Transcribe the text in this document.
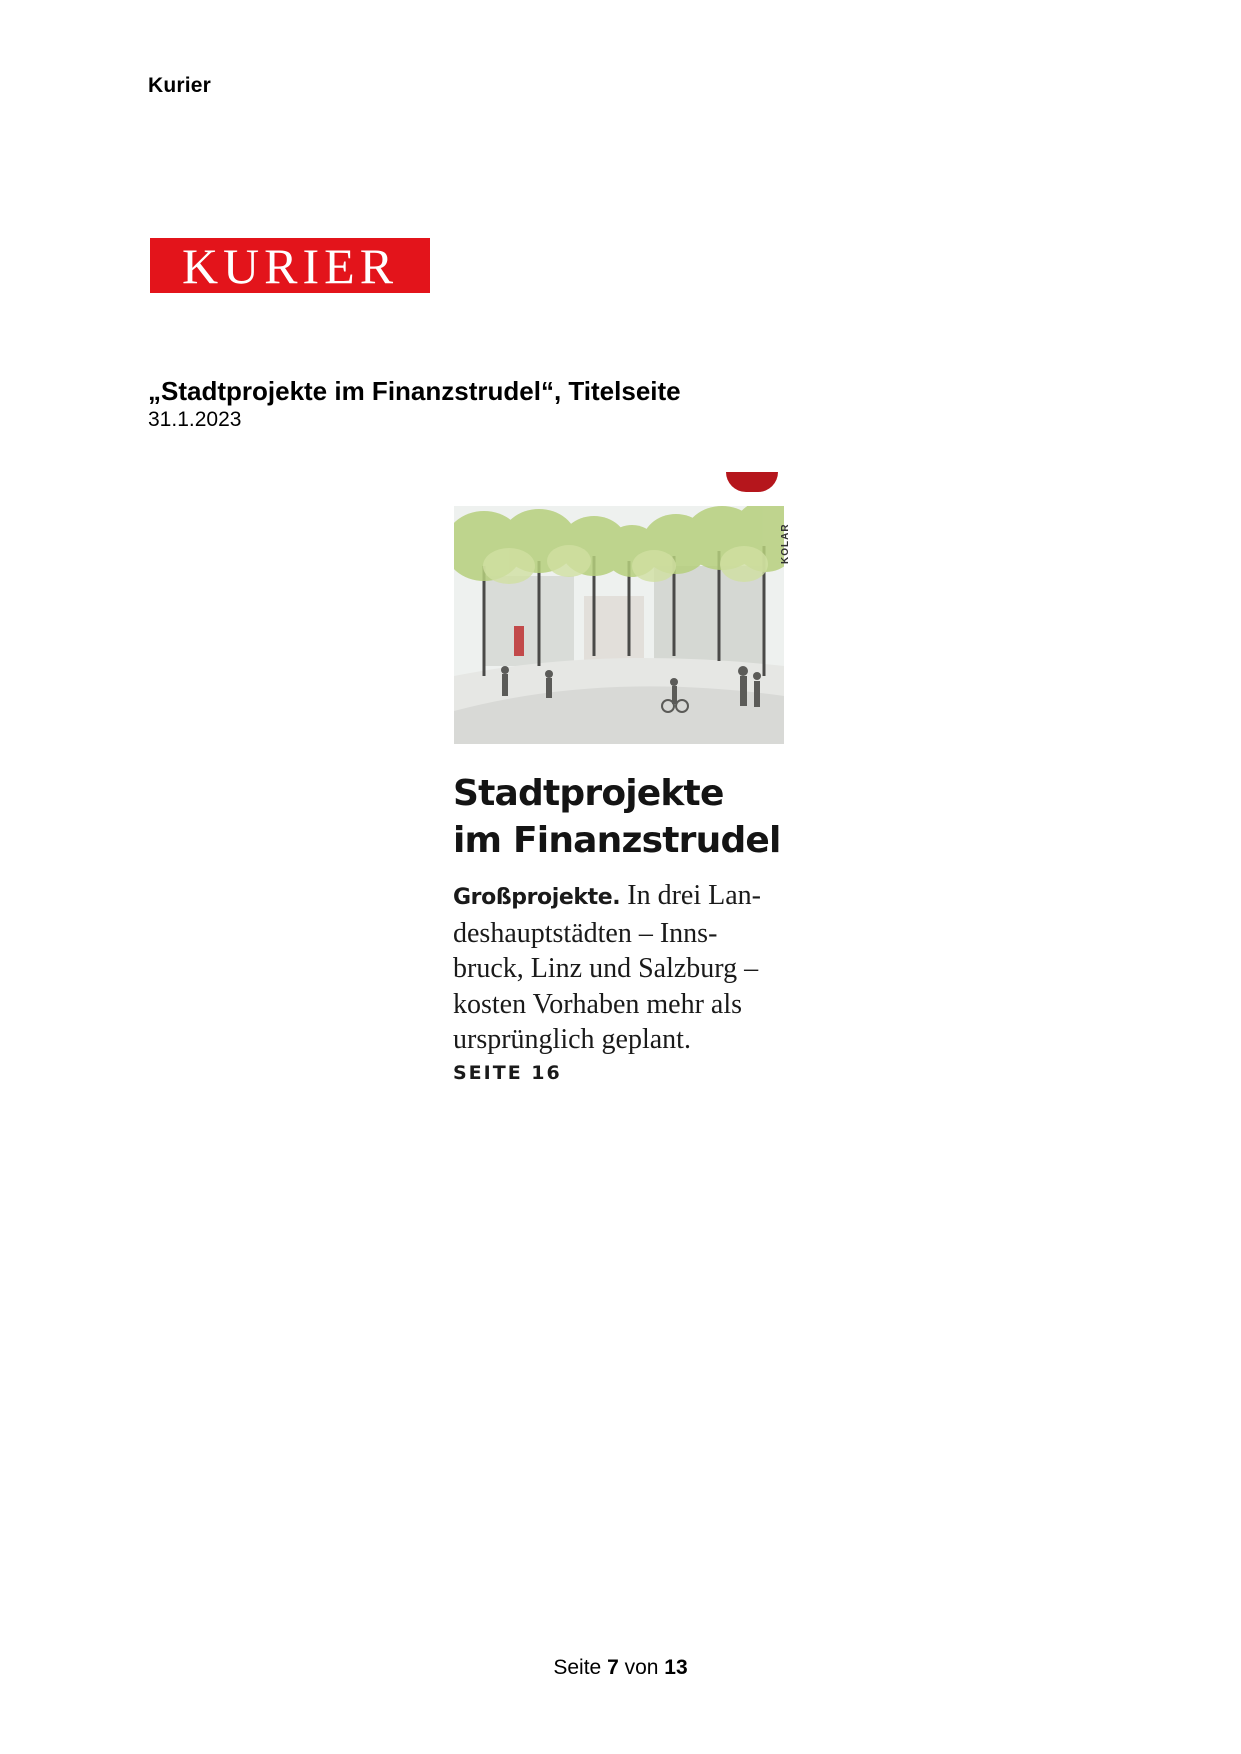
Kurier
KURIER
„Stadtprojekte im Finanzstrudel“, Titelseite
31.1.2023
KOLAR
Stadtprojekte
im Finanzstrudel
Großprojekte. In drei Lan-
deshauptstädten – Inns-
bruck, Linz und Salzburg –
kosten Vorhaben mehr als
ursprünglich geplant.
SEITE 16
Seite 7 von 13
